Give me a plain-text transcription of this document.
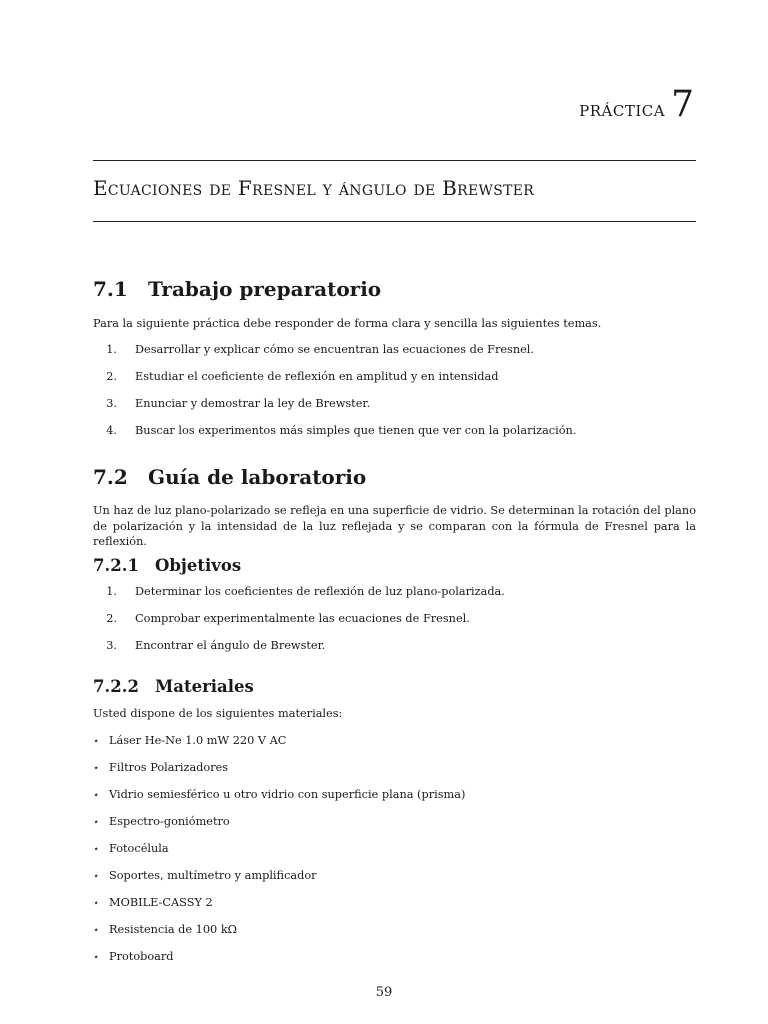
práctica 7
Ecuaciones de Fresnel y ángulo de Brewster
7.1 Trabajo preparatorio
Para la siguiente práctica debe responder de forma clara y sencilla las siguientes temas.
1. Desarrollar y explicar cómo se encuentran las ecuaciones de Fresnel.
2. Estudiar el coeficiente de reflexión en amplitud y en intensidad
3. Enunciar y demostrar la ley de Brewster.
4. Buscar los experimentos más simples que tienen que ver con la polarización.
7.2 Guía de laboratorio
Un haz de luz plano-polarizado se refleja en una superficie de vidrio. Se determinan la rotación del plano de polarización y la intensidad de la luz reflejada y se comparan con la fórmula de Fresnel para la reflexión.
7.2.1 Objetivos
1. Determinar los coeficientes de reflexión de luz plano-polarizada.
2. Comprobar experimentalmente las ecuaciones de Fresnel.
3. Encontrar el ángulo de Brewster.
7.2.2 Materiales
Usted dispone de los siguientes materiales:
⋆ Láser He-Ne 1.0 mW 220 V AC
⋆ Filtros Polarizadores
⋆ Vidrio semiesférico u otro vidrio con superficie plana (prisma)
⋆ Espectro-goniómetro
⋆ Fotocélula
⋆ Soportes, multímetro y amplificador
⋆ MOBILE-CASSY 2
⋆ Resistencia de 100 kΩ
⋆ Protoboard
59
